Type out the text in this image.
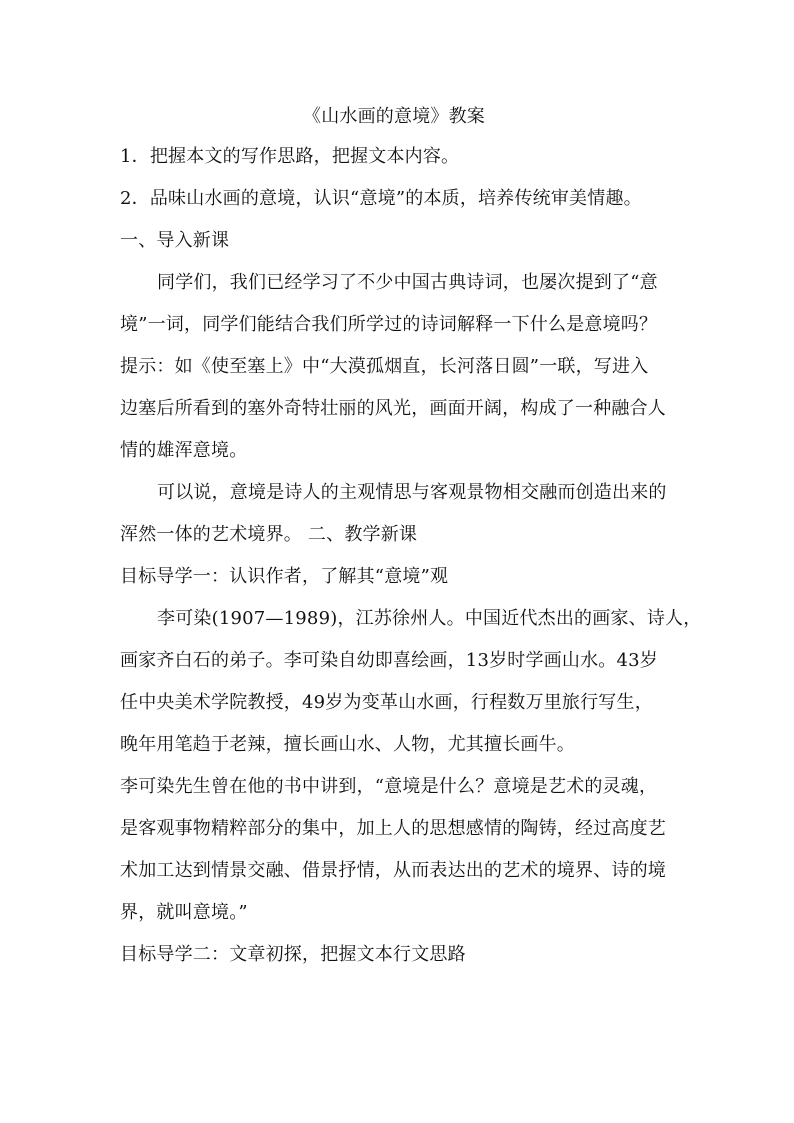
《山水画的意境》教案

1．把握本文的写作思路，把握文本内容。

2．品味山水画的意境，认识“意境”的本质，培养传统审美情趣。

一、导入新课

同学们，我们已经学习了不少中国古典诗词，也屡次提到了“意

境”一词，同学们能结合我们所学过的诗词解释一下什么是意境吗？

提示：如《使至塞上》中“大漠孤烟直，长河落日圆”一联，写进入

边塞后所看到的塞外奇特壮丽的风光，画面开阔，构成了一种融合人

情的雄浑意境。

可以说，意境是诗人的主观情思与客观景物相交融而创造出来的

浑然一体的艺术境界。 二、教学新课

目标导学一：认识作者，了解其“意境”观

李可染(1907—1989)，江苏徐州人。中国近代杰出的画家、诗人，

画家齐白石的弟子。李可染自幼即喜绘画，13岁时学画山水。43岁

任中央美术学院教授，49岁为变革山水画，行程数万里旅行写生，

晚年用笔趋于老辣，擅长画山水、人物，尤其擅长画牛。

李可染先生曾在他的书中讲到，“意境是什么？意境是艺术的灵魂，

是客观事物精粹部分的集中，加上人的思想感情的陶铸，经过高度艺

术加工达到情景交融、借景抒情，从而表达出的艺术的境界、诗的境

界，就叫意境。”

目标导学二：文章初探，把握文本行文思路
